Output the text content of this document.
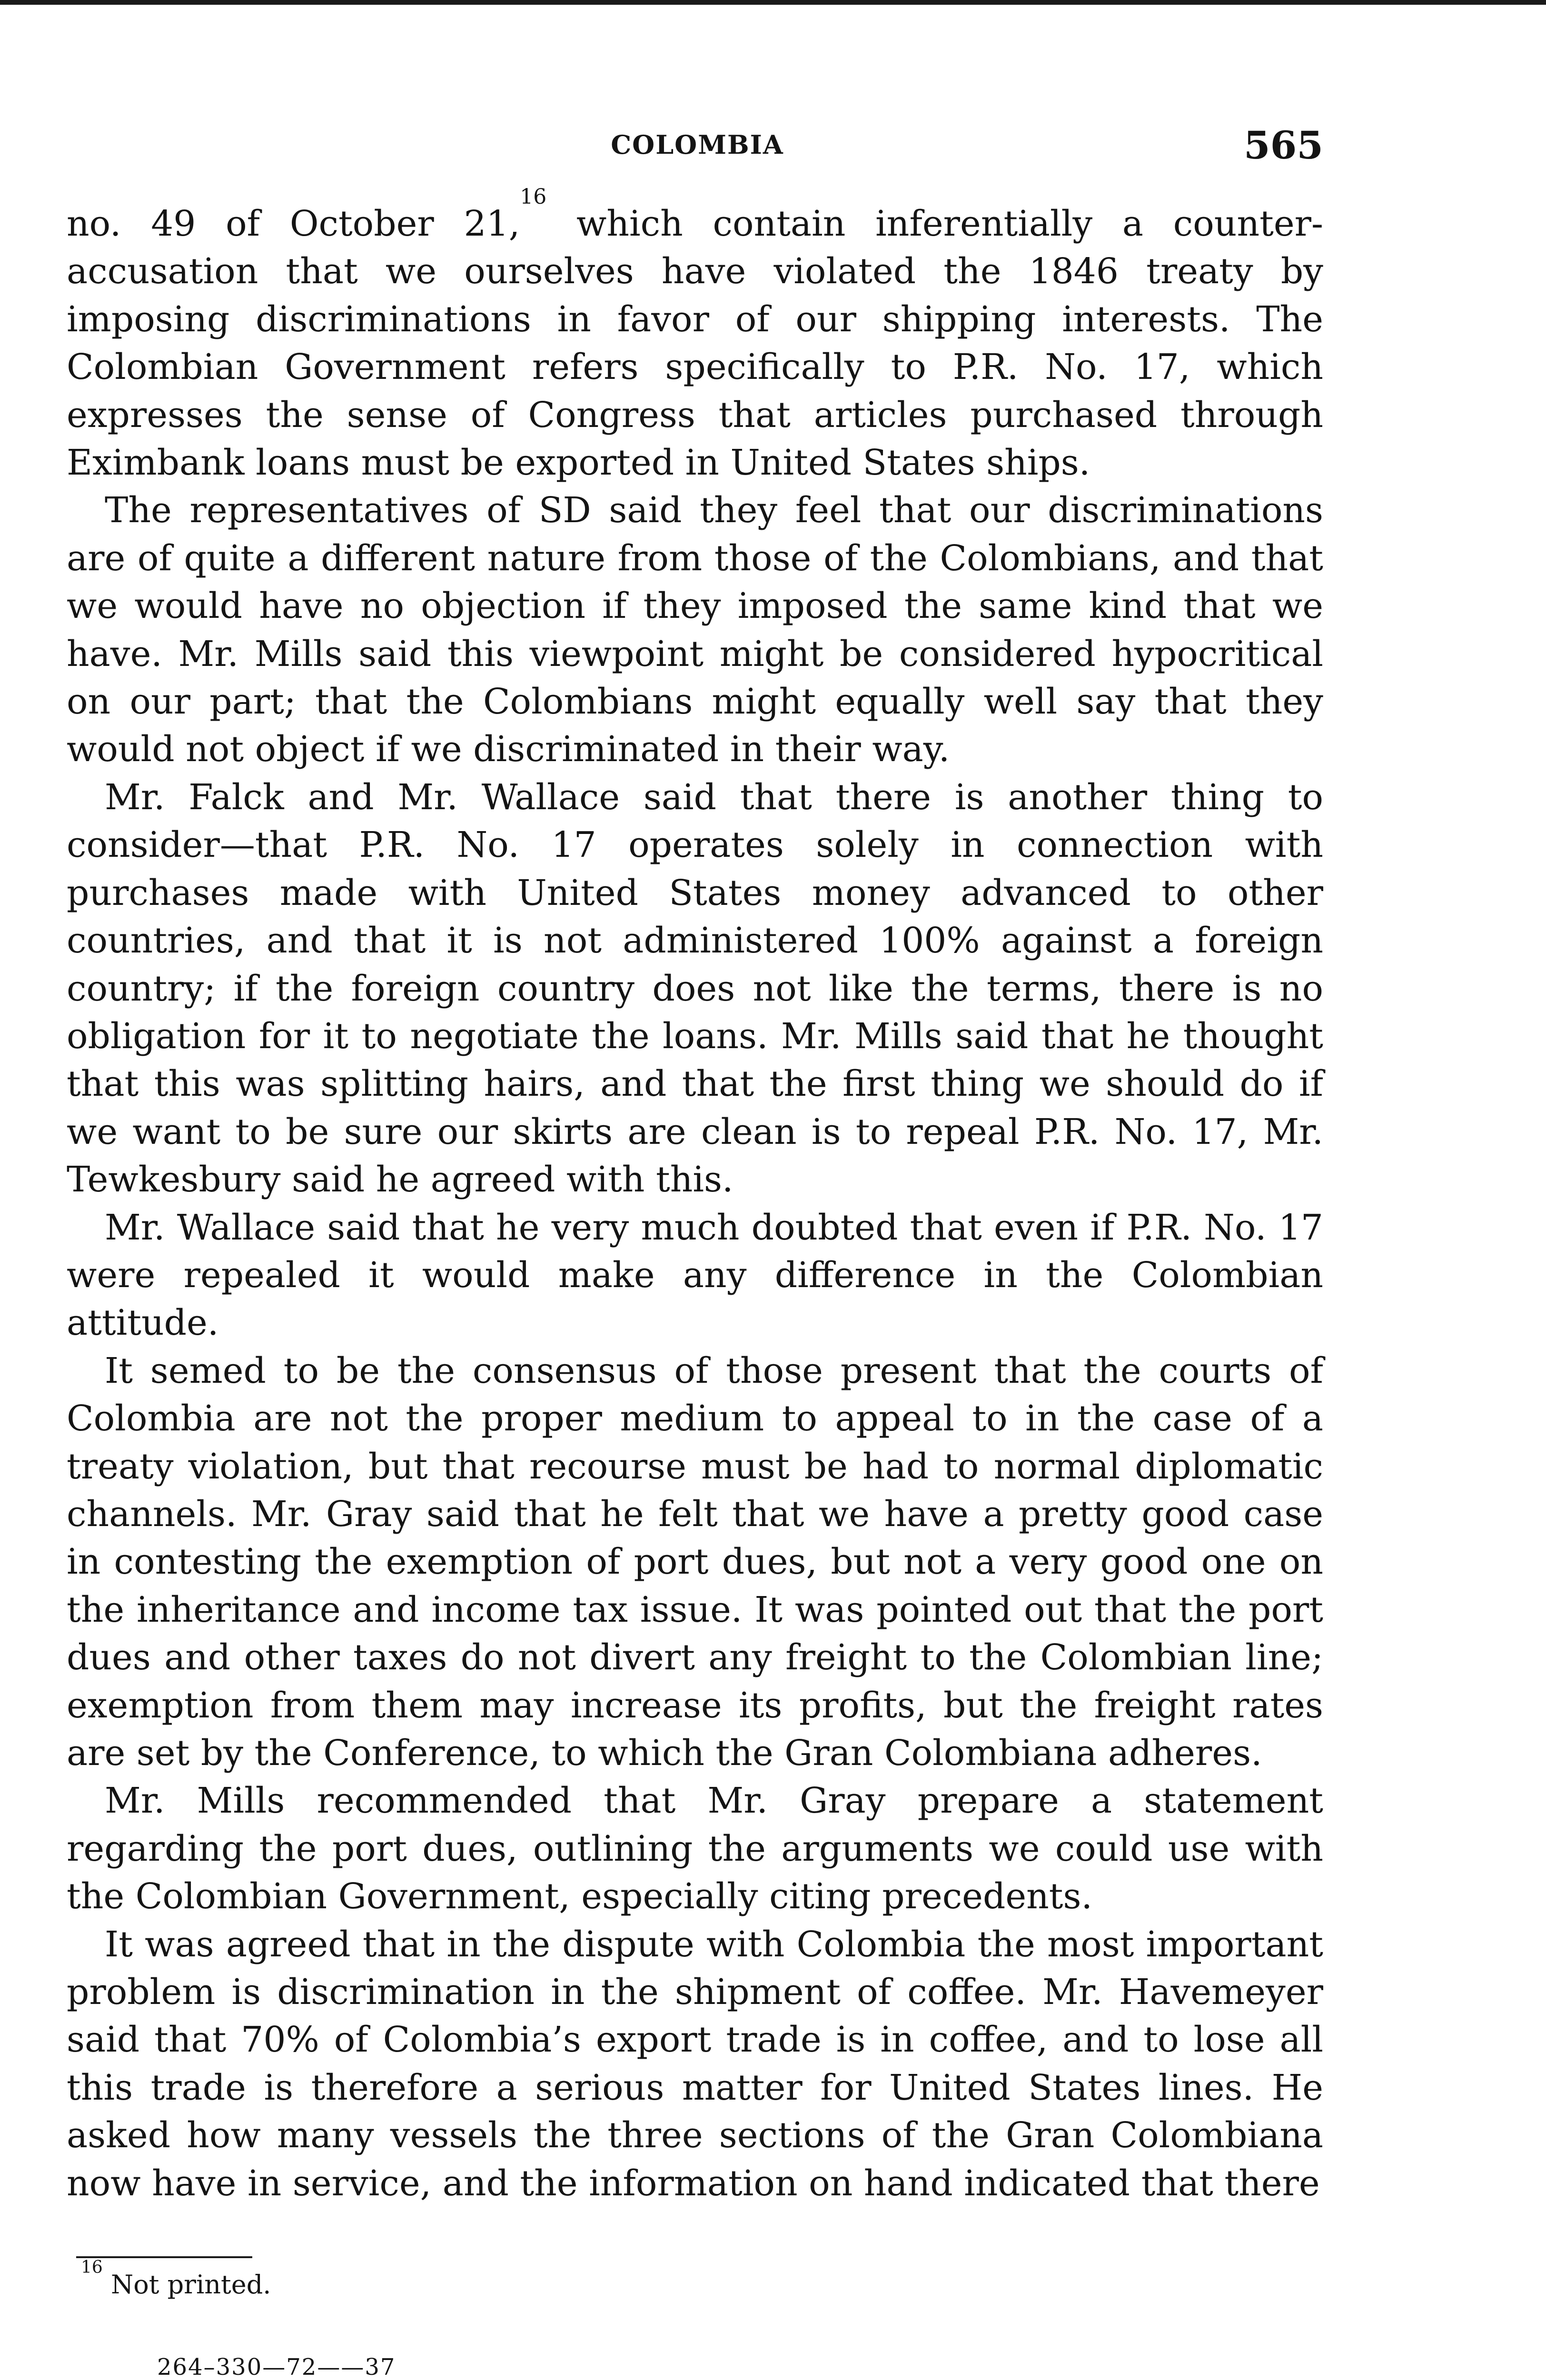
COLOMBIA	565

no. 49 of October 21,16 which contain inferentially a counter-accusation that we ourselves have violated the 1846 treaty by imposing discriminations in favor of our shipping interests. The Colombian Government refers specifically to P.R. No. 17, which expresses the sense of Congress that articles purchased through Eximbank loans must be exported in United States ships.

The representatives of SD said they feel that our discriminations are of quite a different nature from those of the Colombians, and that we would have no objection if they imposed the same kind that we have. Mr. Mills said this viewpoint might be considered hypocritical on our part; that the Colombians might equally well say that they would not object if we discriminated in their way.

Mr. Falck and Mr. Wallace said that there is another thing to consider—that P.R. No. 17 operates solely in connection with purchases made with United States money advanced to other countries, and that it is not administered 100% against a foreign country; if the foreign country does not like the terms, there is no obligation for it to negotiate the loans. Mr. Mills said that he thought that this was splitting hairs, and that the first thing we should do if we want to be sure our skirts are clean is to repeal P.R. No. 17, Mr. Tewkesbury said he agreed with this.

Mr. Wallace said that he very much doubted that even if P.R. No. 17 were repealed it would make any difference in the Colombian attitude.

It semed to be the consensus of those present that the courts of Colombia are not the proper medium to appeal to in the case of a treaty violation, but that recourse must be had to normal diplomatic channels. Mr. Gray said that he felt that we have a pretty good case in contesting the exemption of port dues, but not a very good one on the inheritance and income tax issue. It was pointed out that the port dues and other taxes do not divert any freight to the Colombian line; exemption from them may increase its profits, but the freight rates are set by the Conference, to which the Gran Colombiana adheres.

Mr. Mills recommended that Mr. Gray prepare a statement regarding the port dues, outlining the arguments we could use with the Colombian Government, especially citing precedents.

It was agreed that in the dispute with Colombia the most important problem is discrimination in the shipment of coffee. Mr. Havemeyer said that 70% of Colombia’s export trade is in coffee, and to lose all this trade is therefore a serious matter for United States lines. He asked how many vessels the three sections of the Gran Colombiana now have in service, and the information on hand indicated that there

$^{16}$ Not printed.
264–330—72——37
